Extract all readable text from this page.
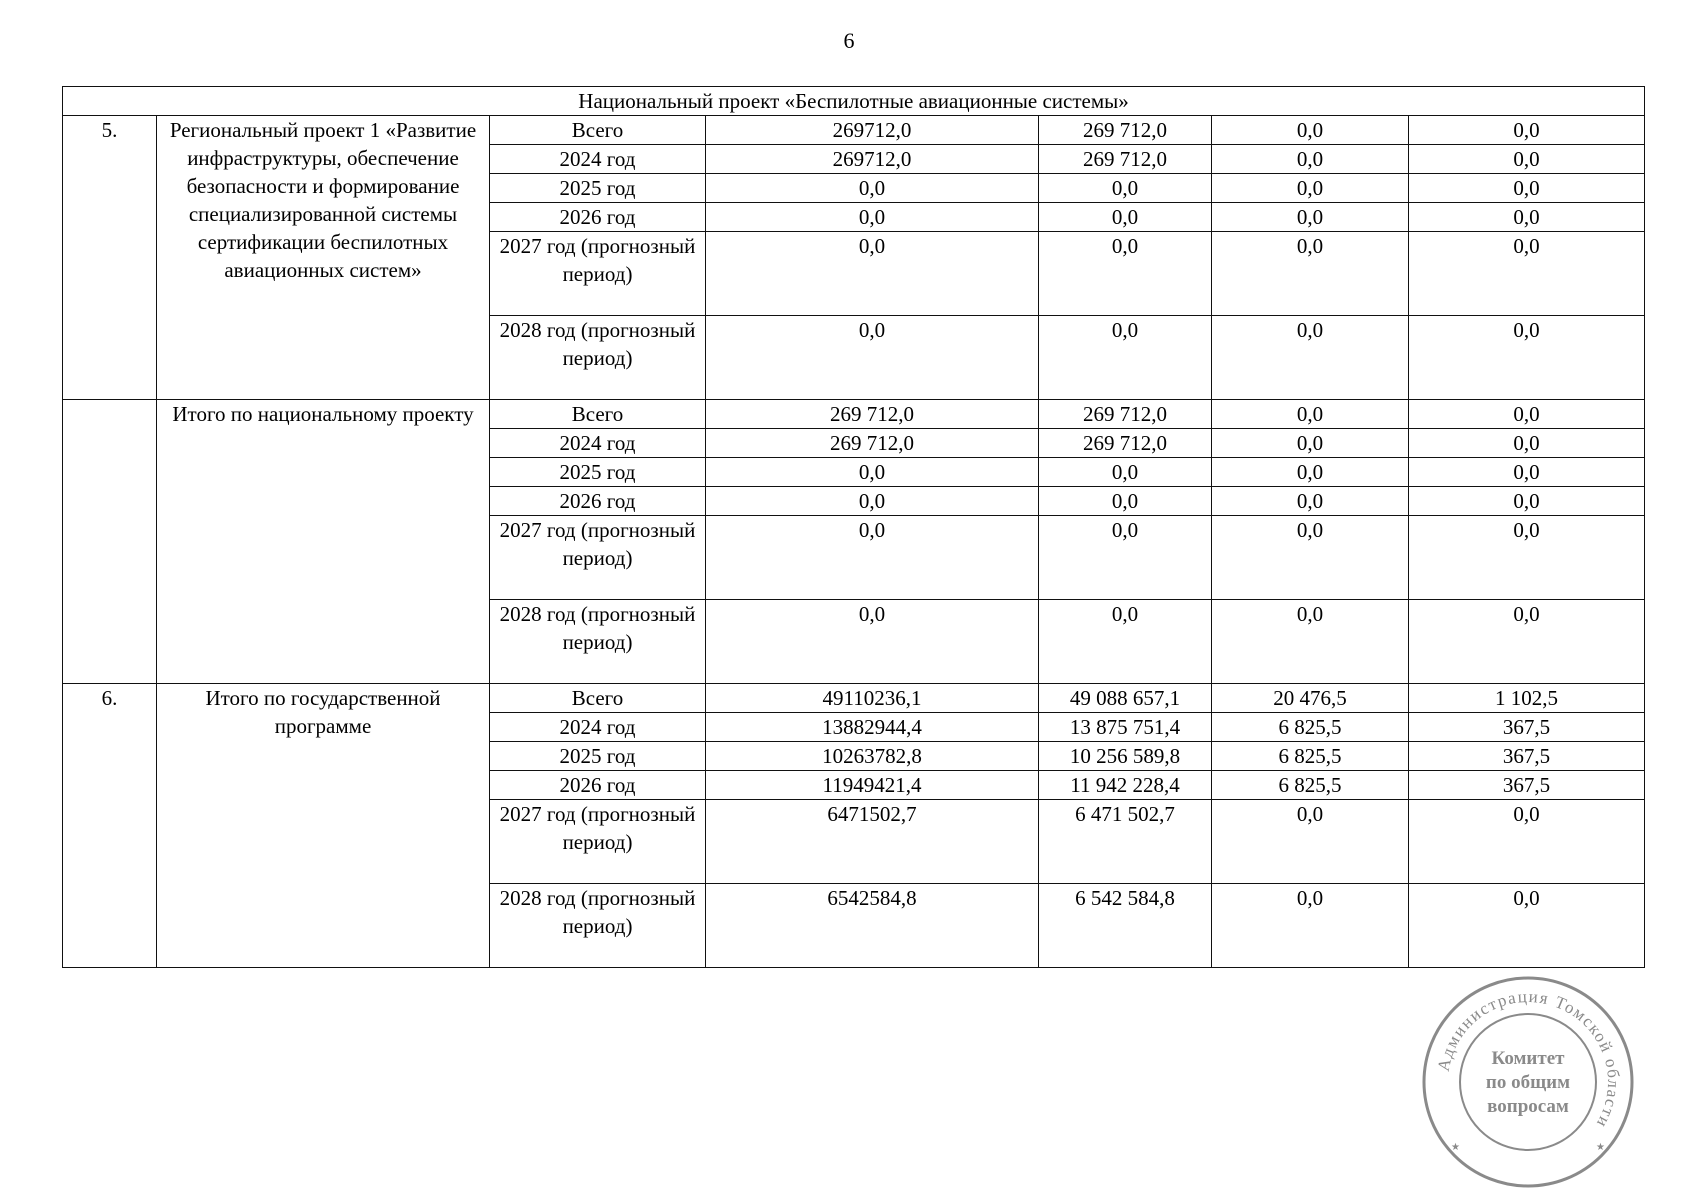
6
Национальный проект «Беспилотные авиационные системы»						
5.	Региональный проект 1 «Развитие инфраструктуры, обеспечение безопасности и формирование специализированной системы сертификации беспилотных авиационных систем»	Всего	269712,0	269 712,0	0,0	0,0
		2024 год	269712,0	269 712,0	0,0	0,0
		2025 год	0,0	0,0	0,0	0,0
		2026 год	0,0	0,0	0,0	0,0
		2027 год (прогнозный период)	0,0	0,0	0,0	0,0
		2028 год (прогнозный период)	0,0	0,0	0,0	0,0
	Итого по национальному проекту	Всего	269 712,0	269 712,0	0,0	0,0
		2024 год	269 712,0	269 712,0	0,0	0,0
		2025 год	0,0	0,0	0,0	0,0
		2026 год	0,0	0,0	0,0	0,0
		2027 год (прогнозный период)	0,0	0,0	0,0	0,0
		2028 год (прогнозный период)	0,0	0,0	0,0	0,0
6.	Итого по государственной программе	Всего	49110236,1	49 088 657,1	20 476,5	1 102,5
		2024 год	13882944,4	13 875 751,4	6 825,5	367,5
		2025 год	10263782,8	10 256 589,8	6 825,5	367,5
		2026 год	11949421,4	11 942 228,4	6 825,5	367,5
		2027 год (прогнозный период)	6471502,7	6 471 502,7	0,0	0,0
		2028 год (прогнозный период)	6542584,8	6 542 584,8	0,0	0,0
Администрация Томской области
Комитет
по общим
вопросам
★	★
